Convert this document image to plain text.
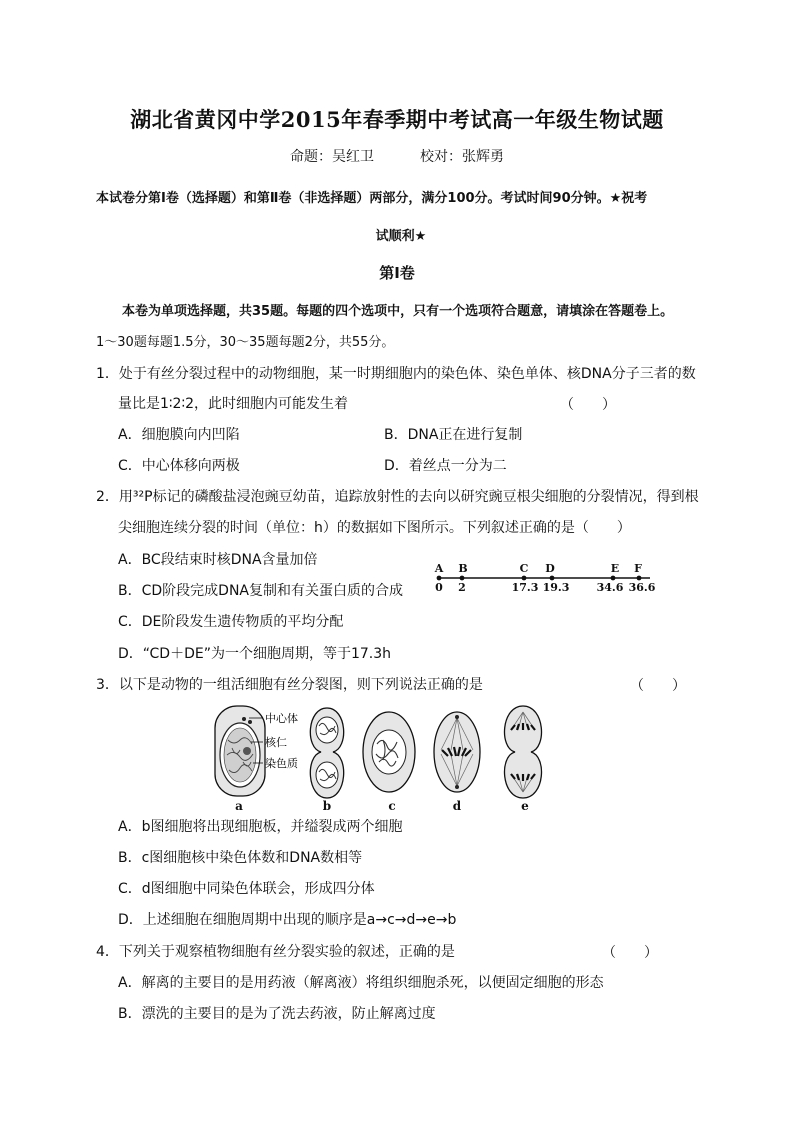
湖北省黄冈中学2015年春季期中考试高一年级生物试题
命题：吴红卫	校对：张辉勇
本试卷分第Ⅰ卷（选择题）和第Ⅱ卷（非选择题）两部分，满分100分。考试时间90分钟。★祝考
试顺利★
第Ⅰ卷
本卷为单项选择题，共35题。每题的四个选项中，只有一个选项符合题意，请填涂在答题卷上。
1～30题每题1.5分，30～35题每题2分，共55分。
1．处于有丝分裂过程中的动物细胞，某一时期细胞内的染色体、染色单体、核DNA分子三者的数
量比是1∶2∶2，此时细胞内可能发生着	（　　）
A．细胞膜向内凹陷	B．DNA正在进行复制
C．中心体移向两极	D．着丝点一分为二
2．用³²P标记的磷酸盐浸泡豌豆幼苗，追踪放射性的去向以研究豌豆根尖细胞的分裂情况，得到根
尖细胞连续分裂的时间（单位：h）的数据如下图所示。下列叙述正确的是（　　）
A．BC段结束时核DNA含量加倍
B．CD阶段完成DNA复制和有关蛋白质的合成
C．DE阶段发生遗传物质的平均分配
D．“CD＋DE”为一个细胞周期，等于17.3h
A B	C D	E F
0 2	17.3 19.3 34.6 36.6
3．以下是动物的一组活细胞有丝分裂图，则下列说法正确的是	（　　）
中心体
核仁
染色质
a	b	c	d	e
A．b图细胞将出现细胞板，并缢裂成两个细胞
B．c图细胞核中染色体数和DNA数相等
C．d图细胞中同染色体联会，形成四分体
D．上述细胞在细胞周期中出现的顺序是a→c→d→e→b
4．下列关于观察植物细胞有丝分裂实验的叙述，正确的是	（　　）
A．解离的主要目的是用药液（解离液）将组织细胞杀死，以便固定细胞的形态
B．漂洗的主要目的是为了洗去药液，防止解离过度
